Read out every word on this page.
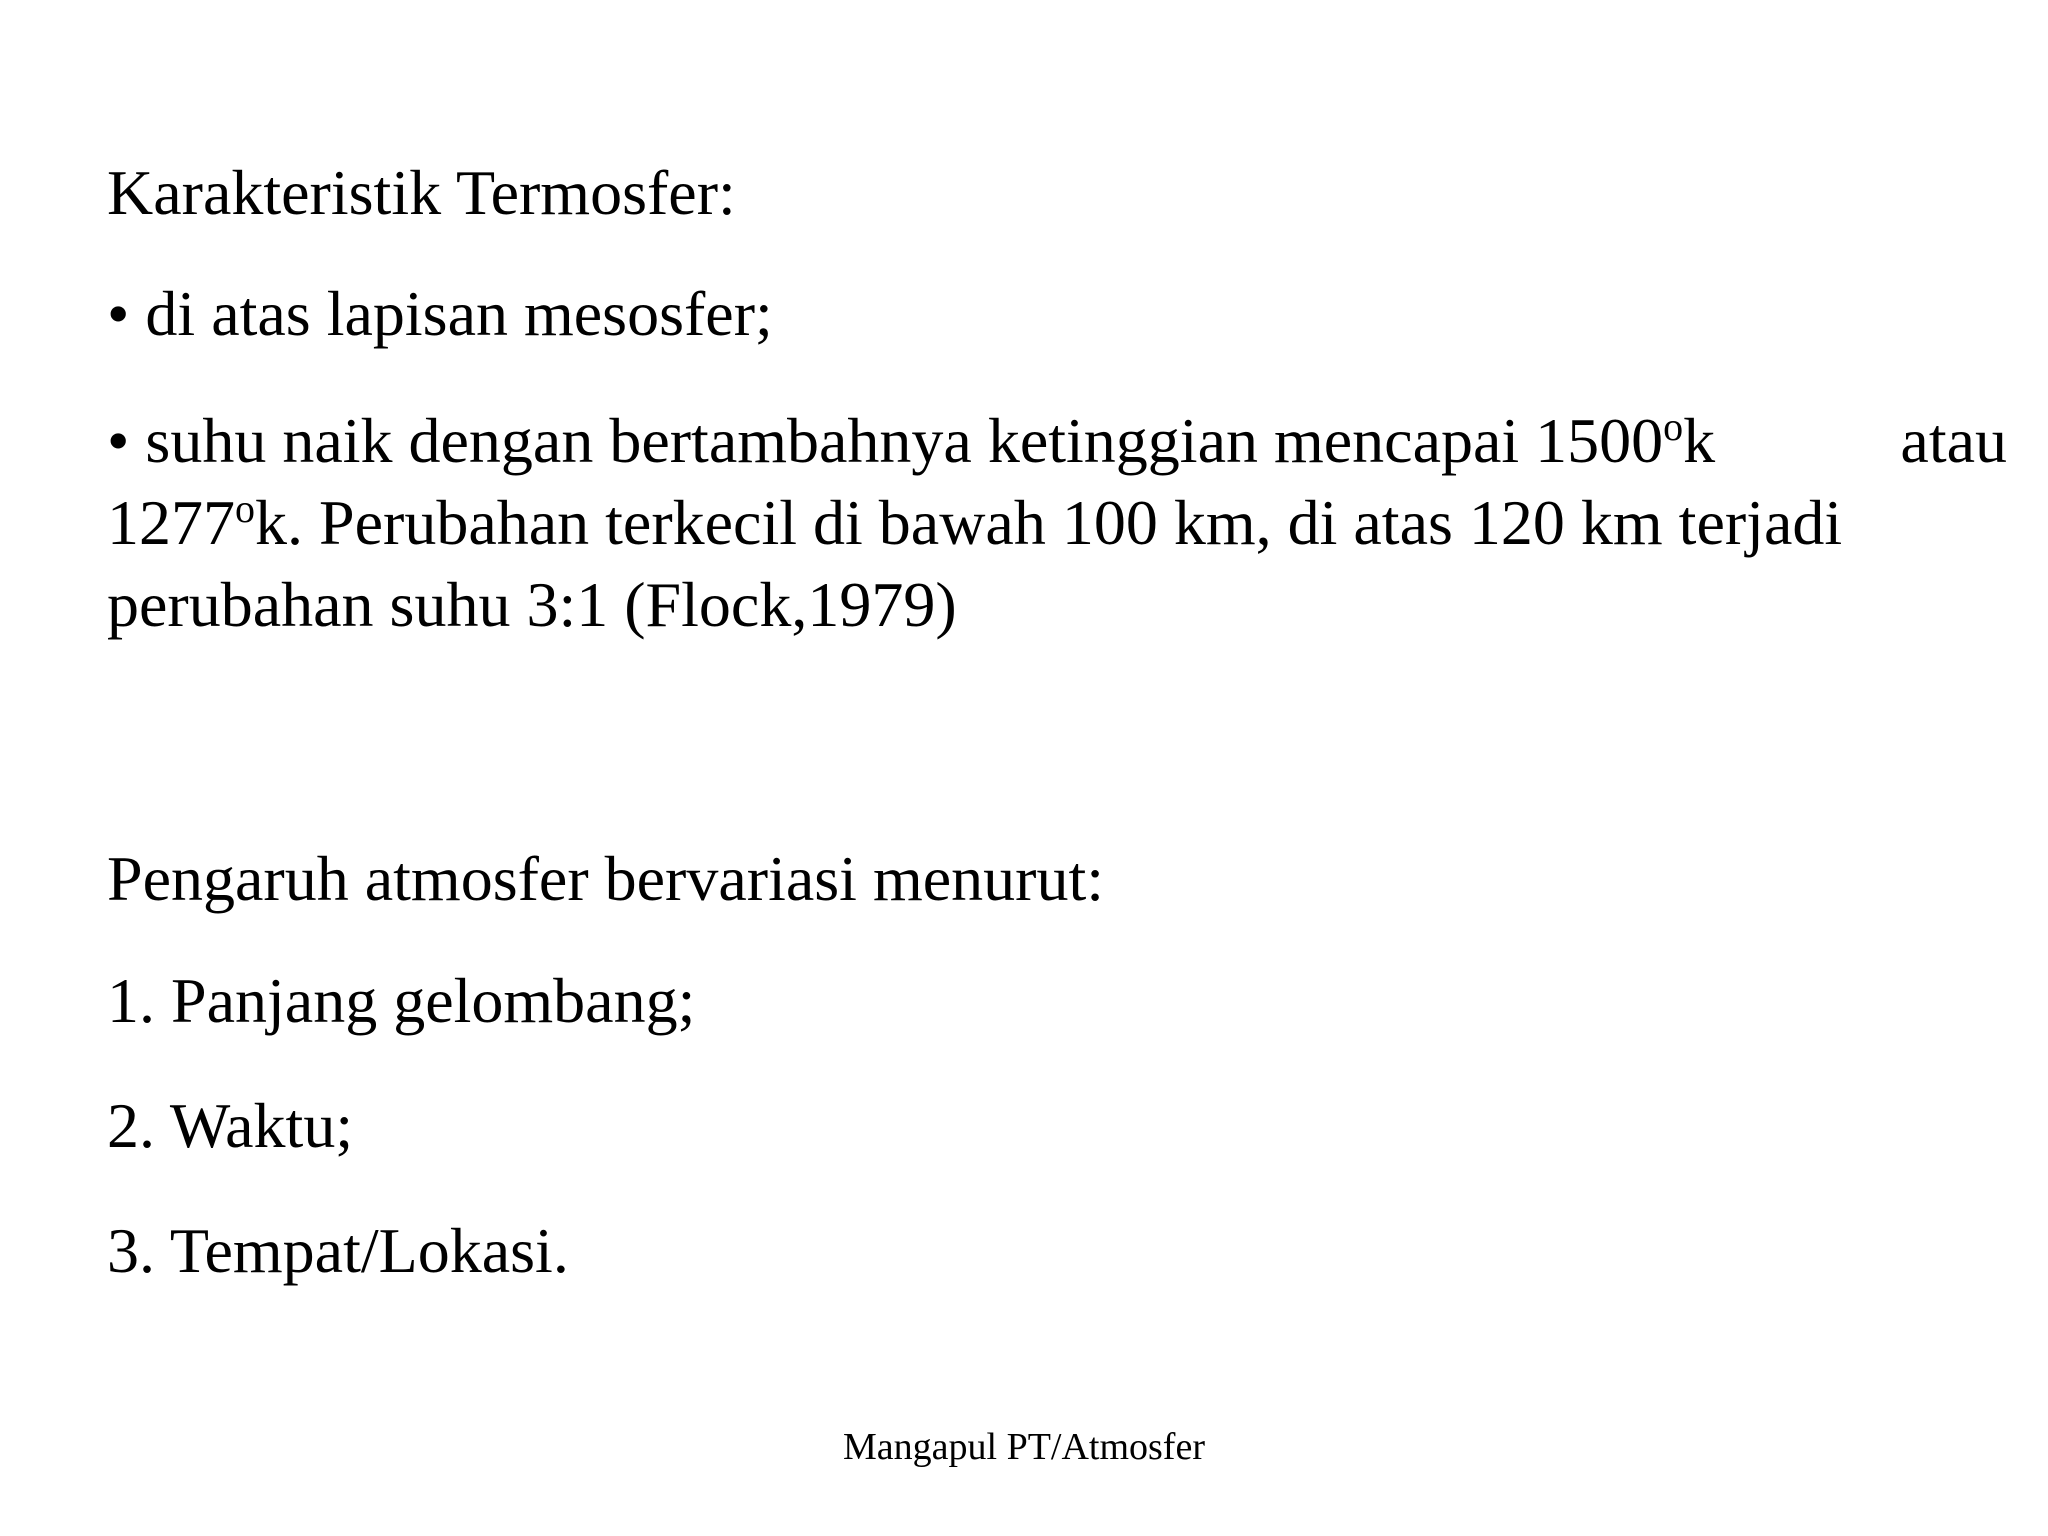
Karakteristik Termosfer:
• di atas lapisan mesosfer;
• suhu naik dengan bertambahnya ketinggian mencapai 1500$^o$k	atau
1277$^o$k. Perubahan terkecil di bawah 100 km, di atas 120 km terjadi
perubahan suhu 3:1 (Flock,1979)
Pengaruh atmosfer bervariasi menurut:
1. Panjang gelombang;
2. Waktu;
3. Tempat/Lokasi.
Mangapul PT/Atmosfer
